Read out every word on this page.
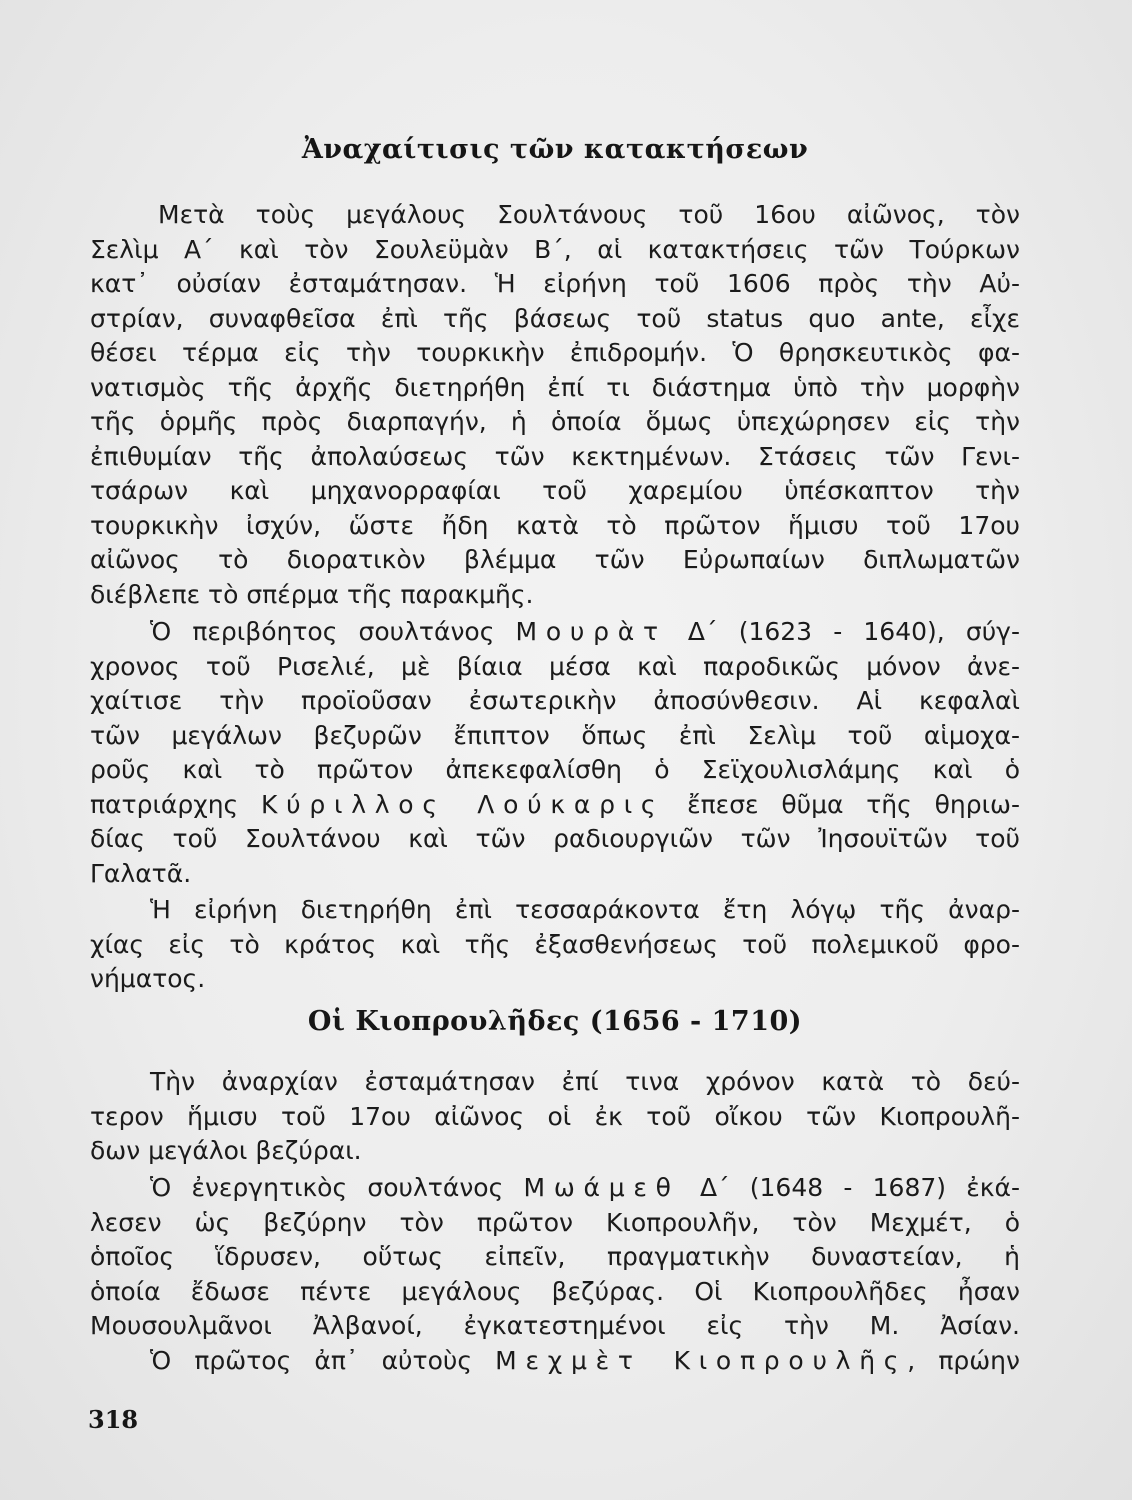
Ἀναχαίτισις τῶν κατακτήσεων
Μετὰ τοὺς μεγάλους Σουλτάνους τοῦ 16ου αἰῶνος, τὸν
Σελὶμ Α΄ καὶ τὸν Σουλεϋμὰν Β΄, αἱ κατακτήσεις τῶν Τούρκων
κατ᾽ οὐσίαν ἐσταμάτησαν. Ἡ εἰρήνη τοῦ 1606 πρὸς τὴν Αὐ-
στρίαν, συναφθεῖσα ἐπὶ τῆς βάσεως τοῦ status quo ante, εἶχε
θέσει τέρμα εἰς τὴν τουρκικὴν ἐπιδρομήν. Ὁ θρησκευτικὸς φα-
νατισμὸς τῆς ἀρχῆς διετηρήθη ἐπί τι διάστημα ὑπὸ τὴν μορφὴν
τῆς ὁρμῆς πρὸς διαρπαγήν, ἡ ὁποία ὅμως ὑπεχώρησεν εἰς τὴν
ἐπιθυμίαν τῆς ἀπολαύσεως τῶν κεκτημένων. Στάσεις τῶν Γενι-
τσάρων καὶ μηχανορραφίαι τοῦ χαρεμίου ὑπέσκαπτον τὴν
τουρκικὴν ἰσχύν, ὥστε ἤδη κατὰ τὸ πρῶτον ἥμισυ τοῦ 17ου
αἰῶνος τὸ διορατικὸν βλέμμα τῶν Εὐρωπαίων διπλωματῶν
διέβλεπε τὸ σπέρμα τῆς παρακμῆς.
Ὁ περιβόητος σουλτάνος Μουρὰτ Δ΄ (1623 - 1640), σύγ-
χρονος τοῦ Ρισελιέ, μὲ βίαια μέσα καὶ παροδικῶς μόνον ἀνε-
χαίτισε τὴν προϊοῦσαν ἐσωτερικὴν ἀποσύνθεσιν. Αἱ κεφαλαὶ
τῶν μεγάλων βεζυρῶν ἔπιπτον ὅπως ἐπὶ Σελὶμ τοῦ αἱμοχα-
ροῦς καὶ τὸ πρῶτον ἀπεκεφαλίσθη ὁ Σεϊχουλισλάμης καὶ ὁ
πατριάρχης Κύριλλος Λούκαρις ἔπεσε θῦμα τῆς θηριω-
δίας τοῦ Σουλτάνου καὶ τῶν ραδιουργιῶν τῶν Ἰησουϊτῶν τοῦ
Γαλατᾶ.
Ἡ εἰρήνη διετηρήθη ἐπὶ τεσσαράκοντα ἔτη λόγῳ τῆς ἀναρ-
χίας εἰς τὸ κράτος καὶ τῆς ἐξασθενήσεως τοῦ πολεμικοῦ φρο-
νήματος.
Οἱ Κιοπρουλῆδες (1656 - 1710)
Τὴν ἀναρχίαν ἐσταμάτησαν ἐπί τινα χρόνον κατὰ τὸ δεύ-
τερον ἥμισυ τοῦ 17ου αἰῶνος οἱ ἐκ τοῦ οἴκου τῶν Κιοπρουλῆ-
δων μεγάλοι βεζύραι.
Ὁ ἐνεργητικὸς σουλτάνος Μωάμεθ Δ΄ (1648 - 1687) ἐκά-
λεσεν ὡς βεζύρην τὸν πρῶτον Κιοπρουλῆν, τὸν Μεχμέτ, ὁ
ὁποῖος ἵδρυσεν, οὕτως εἰπεῖν, πραγματικὴν δυναστείαν, ἡ
ὁποία ἔδωσε πέντε μεγάλους βεζύρας. Οἱ Κιοπρουλῆδες ἦσαν
Μουσουλμᾶνοι Ἀλβανοί, ἐγκατεστημένοι εἰς τὴν Μ. Ἀσίαν.
Ὁ πρῶτος ἀπ᾽ αὐτοὺς Μεχμὲτ Κιοπρουλῆς, πρώην
318
